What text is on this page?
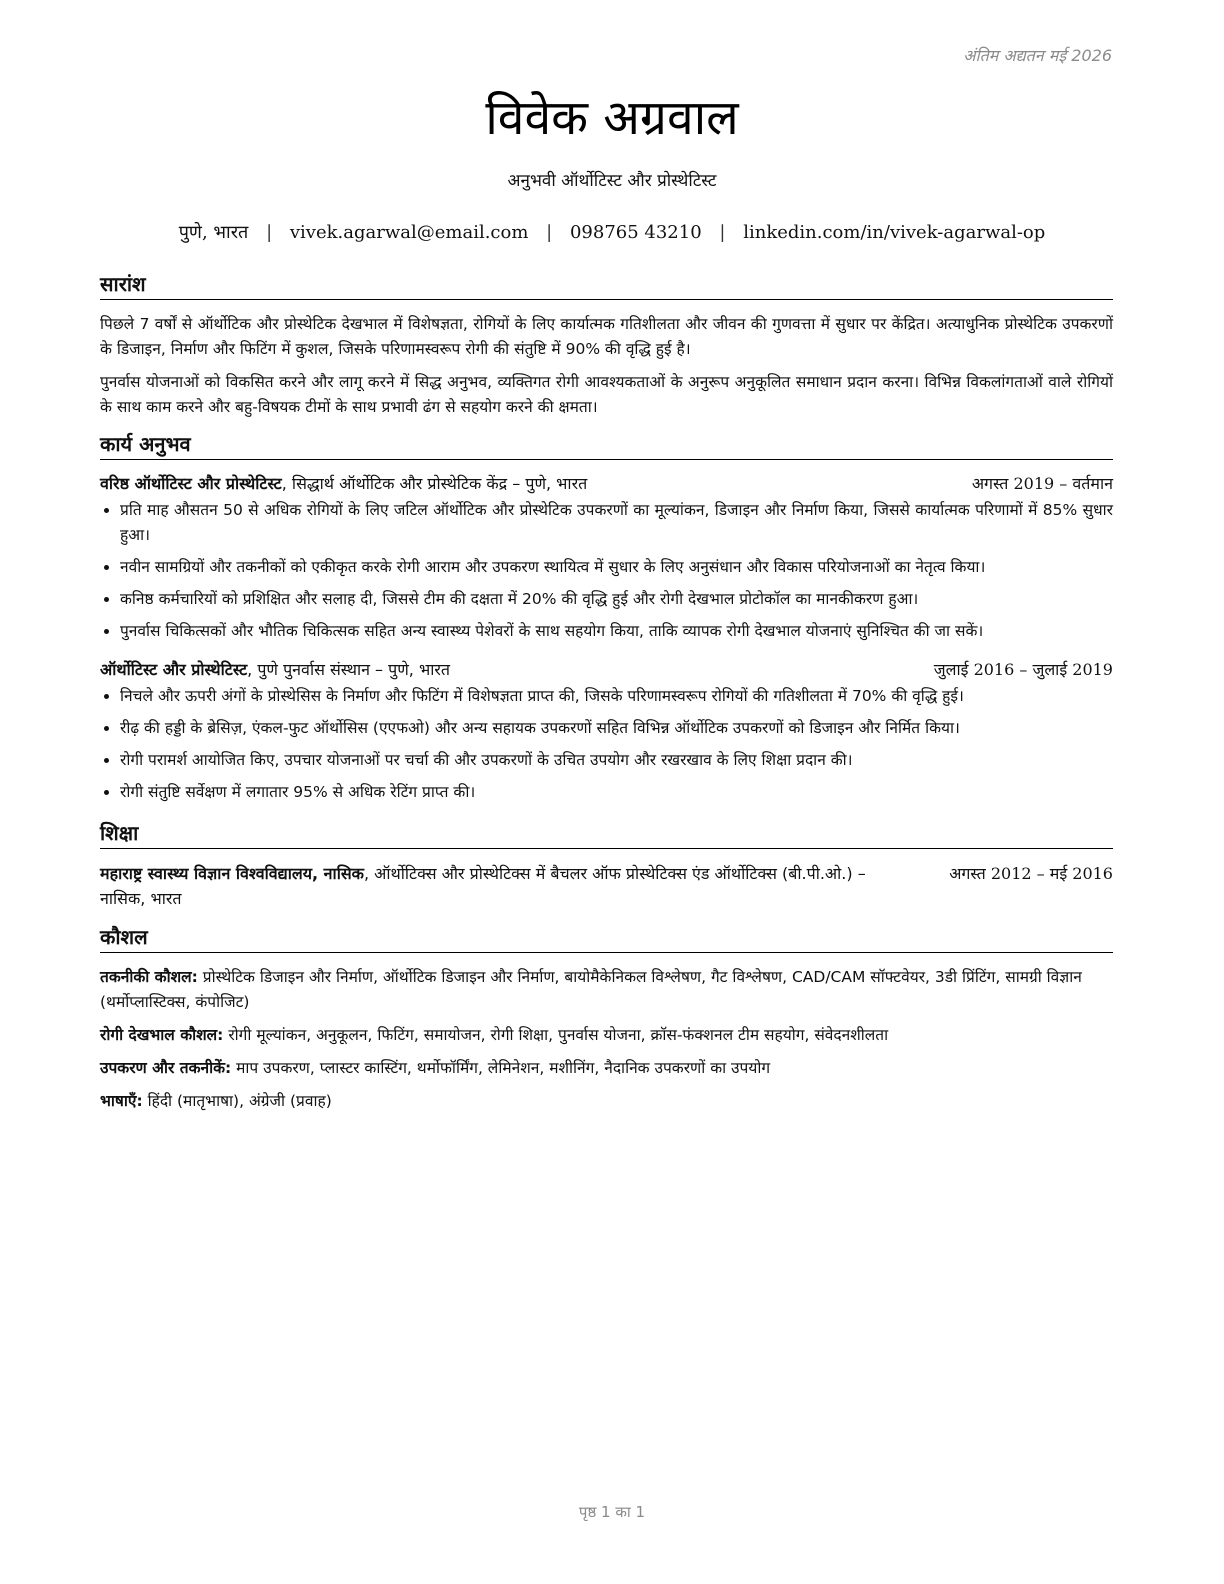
अंतिम अद्यतन मई 2026
विवेक अग्रवाल
अनुभवी ऑर्थोटिस्ट और प्रोस्थेटिस्ट
पुणे, भारत | vivek.agarwal@email.com | 098765 43210 | linkedin.com/in/vivek-agarwal-op
सारांश

पिछले 7 वर्षों से ऑर्थोटिक और प्रोस्थेटिक देखभाल में विशेषज्ञता, रोगियों के लिए कार्यात्मक गतिशीलता और जीवन की गुणवत्ता में सुधार पर केंद्रित। अत्याधुनिक प्रोस्थेटिक उपकरणों के डिजाइन, निर्माण और फिटिंग में कुशल, जिसके परिणामस्वरूप रोगी की संतुष्टि में 90% की वृद्धि हुई है।

पुनर्वास योजनाओं को विकसित करने और लागू करने में सिद्ध अनुभव, व्यक्तिगत रोगी आवश्यकताओं के अनुरूप अनुकूलित समाधान प्रदान करना। विभिन्न विकलांगताओं वाले रोगियों के साथ काम करने और बहु-विषयक टीमों के साथ प्रभावी ढंग से सहयोग करने की क्षमता।

कार्य अनुभव
वरिष्ठ ऑर्थोटिस्ट और प्रोस्थेटिस्ट, सिद्धार्थ ऑर्थोटिक और प्रोस्थेटिक केंद्र – पुणे, भारत	अगस्त 2019 – वर्तमान
• प्रति माह औसतन 50 से अधिक रोगियों के लिए जटिल ऑर्थोटिक और प्रोस्थेटिक उपकरणों का मूल्यांकन, डिजाइन और निर्माण किया, जिससे कार्यात्मक परिणामों में 85% सुधार हुआ।
• नवीन सामग्रियों और तकनीकों को एकीकृत करके रोगी आराम और उपकरण स्थायित्व में सुधार के लिए अनुसंधान और विकास परियोजनाओं का नेतृत्व किया।
• कनिष्ठ कर्मचारियों को प्रशिक्षित और सलाह दी, जिससे टीम की दक्षता में 20% की वृद्धि हुई और रोगी देखभाल प्रोटोकॉल का मानकीकरण हुआ।
• पुनर्वास चिकित्सकों और भौतिक चिकित्सक सहित अन्य स्वास्थ्य पेशेवरों के साथ सहयोग किया, ताकि व्यापक रोगी देखभाल योजनाएं सुनिश्चित की जा सकें।
ऑर्थोटिस्ट और प्रोस्थेटिस्ट, पुणे पुनर्वास संस्थान – पुणे, भारत	जुलाई 2016 – जुलाई 2019
• निचले और ऊपरी अंगों के प्रोस्थेसिस के निर्माण और फिटिंग में विशेषज्ञता प्राप्त की, जिसके परिणामस्वरूप रोगियों की गतिशीलता में 70% की वृद्धि हुई।
• रीढ़ की हड्डी के ब्रेसिज़, एंकल-फुट ऑर्थोसिस (एएफओ) और अन्य सहायक उपकरणों सहित विभिन्न ऑर्थोटिक उपकरणों को डिजाइन और निर्मित किया।
• रोगी परामर्श आयोजित किए, उपचार योजनाओं पर चर्चा की और उपकरणों के उचित उपयोग और रखरखाव के लिए शिक्षा प्रदान की।
• रोगी संतुष्टि सर्वेक्षण में लगातार 95% से अधिक रेटिंग प्राप्त की।
शिक्षा
महाराष्ट्र स्वास्थ्य विज्ञान विश्वविद्यालय, नासिक, ऑर्थोटिक्स और प्रोस्थेटिक्स में बैचलर ऑफ प्रोस्थेटिक्स एंड ऑर्थोटिक्स (बी.पी.ओ.) – नासिक, भारत
अगस्त 2012 – मई 2016
कौशल
तकनीकी कौशल: प्रोस्थेटिक डिजाइन और निर्माण, ऑर्थोटिक डिजाइन और निर्माण, बायोमैकेनिकल विश्लेषण, गैट विश्लेषण, CAD/CAM सॉफ्टवेयर, 3डी प्रिंटिंग, सामग्री विज्ञान (थर्मोप्लास्टिक्स, कंपोजिट)
रोगी देखभाल कौशल: रोगी मूल्यांकन, अनुकूलन, फिटिंग, समायोजन, रोगी शिक्षा, पुनर्वास योजना, क्रॉस-फंक्शनल टीम सहयोग, संवेदनशीलता
उपकरण और तकनीकें: माप उपकरण, प्लास्टर कास्टिंग, थर्मोफॉर्मिंग, लेमिनेशन, मशीनिंग, नैदानिक उपकरणों का उपयोग
भाषाएँ: हिंदी (मातृभाषा), अंग्रेजी (प्रवाह)
पृष्ठ 1 का 1
